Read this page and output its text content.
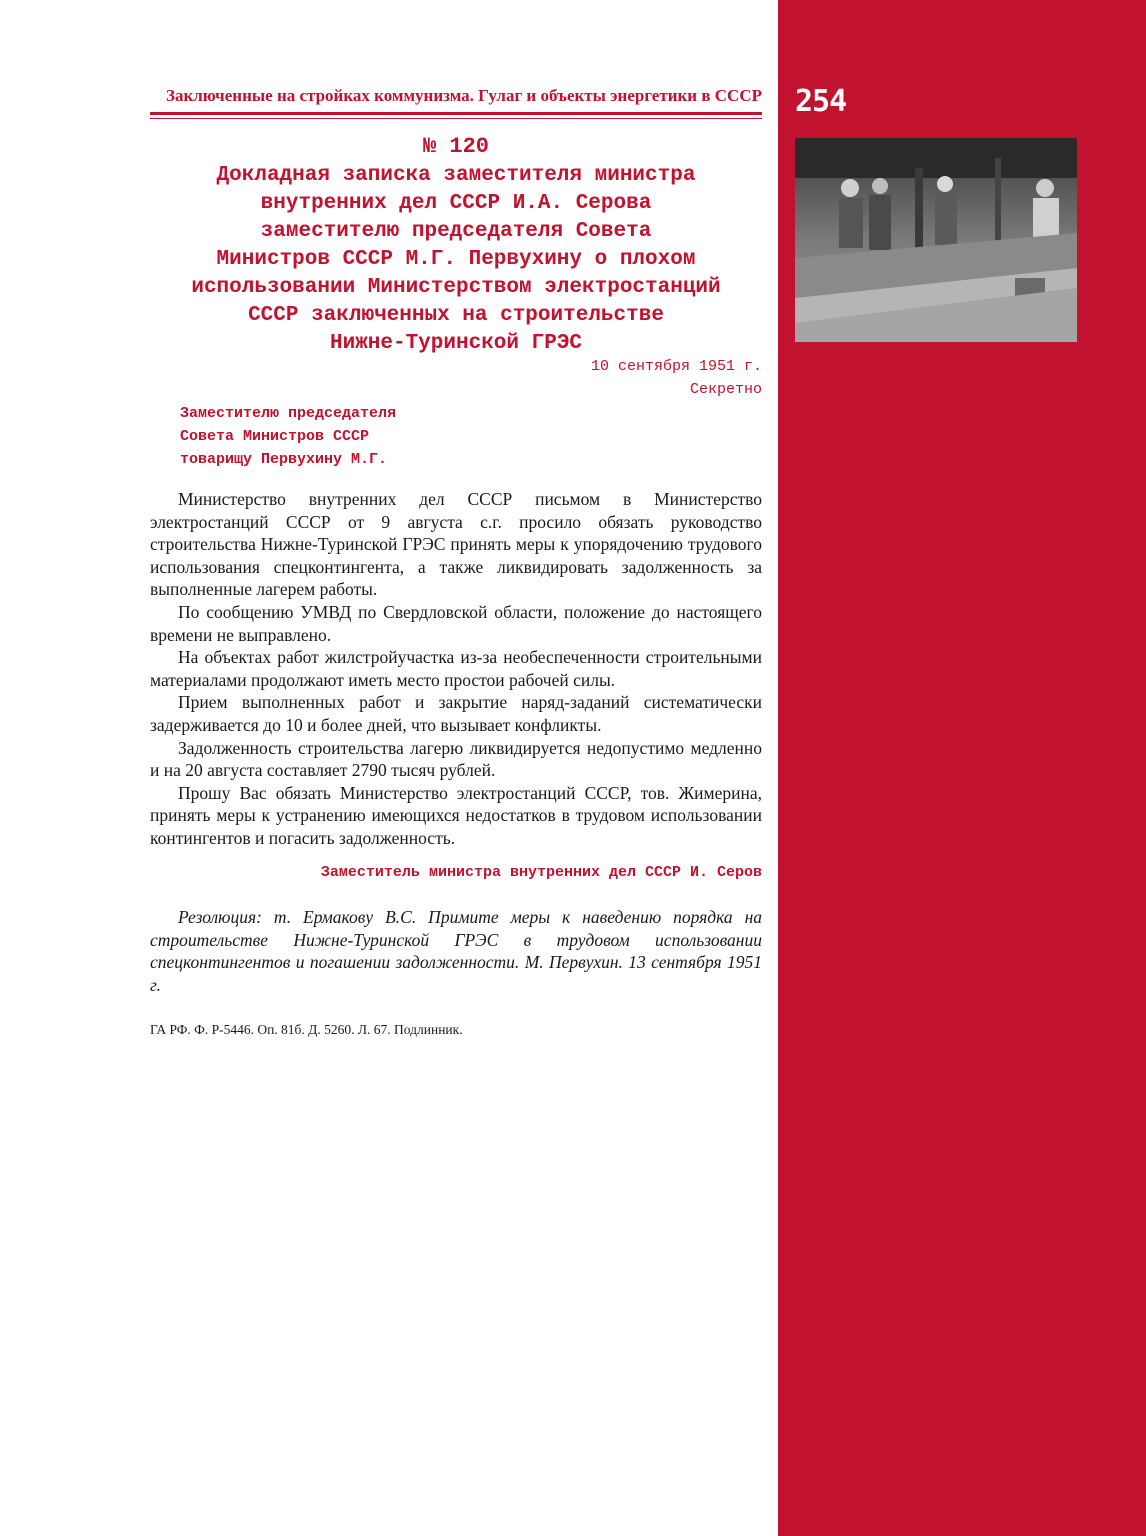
254
Заключенные на стройках коммунизма. Гулаг и объекты энергетики в СССР
№ 120
Докладная записка заместителя министра
внутренних дел СССР И.А. Серова
заместителю председателя Совета
Министров СССР М.Г. Первухину о плохом
использовании Министерством электростанций
СССР заключенных на строительстве
Нижне-Туринской ГРЭС
10 сентября 1951 г.
Секретно
Заместителю председателя
Совета Министров СССР
товарищу Первухину М.Г.

Министерство внутренних дел СССР письмом в Министерство электростанций СССР от 9 августа с.г. просило обязать руководство строительства Нижне-Туринской ГРЭС принять меры к упорядочению трудового использования спецконтингента, а также ликвидировать задолженность за выполненные лагерем работы.

По сообщению УМВД по Свердловской области, положение до настоящего времени не выправлено.

На объектах работ жилстройучастка из-за необеспеченности строительными материалами продолжают иметь место простои рабочей силы.

Прием выполненных работ и закрытие наряд-заданий систематически задерживается до 10 и более дней, что вызывает конфликты.

Задолженность строительства лагерю ликвидируется недопустимо медленно и на 20 августа составляет 2790 тысяч рублей.

Прошу Вас обязать Министерство электростанций СССР, тов. Жимерина, принять меры к устранению имеющихся недостатков в трудовом использовании контингентов и погасить задолженность.

Заместитель министра внутренних дел СССР И. Серов

Резолюция: т. Ермакову В.С. Примите меры к наведению порядка на строительстве Нижне-Туринской ГРЭС в трудовом использовании спецконтингентов и погашении задолженности. М. Первухин. 13 сентября 1951 г.

ГА РФ. Ф. Р-5446. Оп. 81б. Д. 5260. Л. 67. Подлинник.
